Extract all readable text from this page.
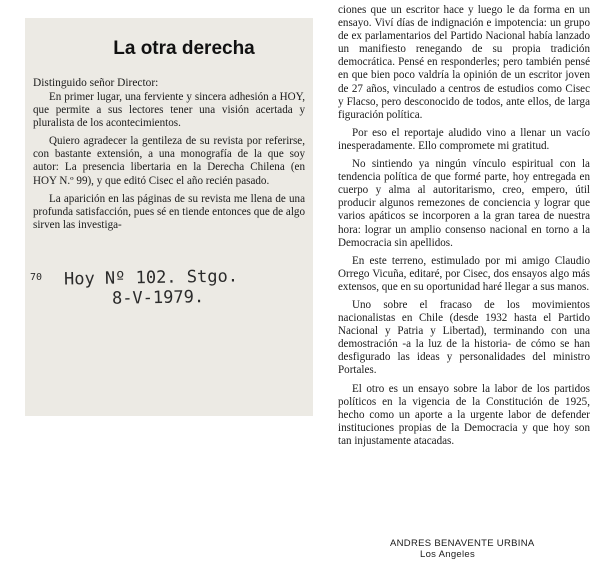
La otra derecha
Distinguido señor Director:

En primer lugar, una ferviente y sincera adhesión a HOY, que permite a sus lectores tener una visión acertada y pluralista de los acontecimientos.

Quiero agradecer la gentileza de su revista por referirse, con bastante extensión, a una monografía de la que soy autor: La presencia libertaria en la Derecha Chilena (en HOY N.º 99), y que editó Cisec el año recién pasado.

La aparición en las páginas de su revista me llena de una profunda satisfacción, pues sé en tiende entonces que de algo sirven las investiga-

70 Hoy Nº 102. Stgo.
8-V-1979.

ciones que un escritor hace y luego le da forma en un ensayo. Viví días de indignación e impotencia: un grupo de ex parlamentarios del Partido Nacional había lanzado un manifiesto renegando de su propia tradición democrática. Pensé en responderles; pero también pensé en que bien poco valdría la opinión de un escritor joven de 27 años, vinculado a centros de estudios como Cisec y Flacso, pero desconocido de todos, ante ellos, de larga figuración política.

Por eso el reportaje aludido vino a llenar un vacío inesperadamente. Ello compromete mi gratitud.

No sintiendo ya ningún vínculo espiritual con la tendencia política de que formé parte, hoy entregada en cuerpo y alma al autoritarismo, creo, empero, útil producir algunos remezones de conciencia y lograr que varios apáticos se incorporen a la gran tarea de nuestra hora: lograr un amplio consenso nacional en torno a la Democracia sin apellidos.

En este terreno, estimulado por mi amigo Claudio Orrego Vicuña, editaré, por Cisec, dos ensayos algo más extensos, que en su oportunidad haré llegar a sus manos.

Uno sobre el fracaso de los movimientos nacionalistas en Chile (desde 1932 hasta el Partido Nacional y Patria y Libertad), terminando con una demostración -a la luz de la historia- de cómo se han desfigurado las ideas y personalidades del ministro Portales.

El otro es un ensayo sobre la labor de los partidos políticos en la vigencia de la Constitución de 1925, hecho como un aporte a la urgente labor de defender instituciones propias de la Democracia y que hoy son tan injustamente atacadas.

ANDRES BENAVENTE URBINA
Los Angeles
